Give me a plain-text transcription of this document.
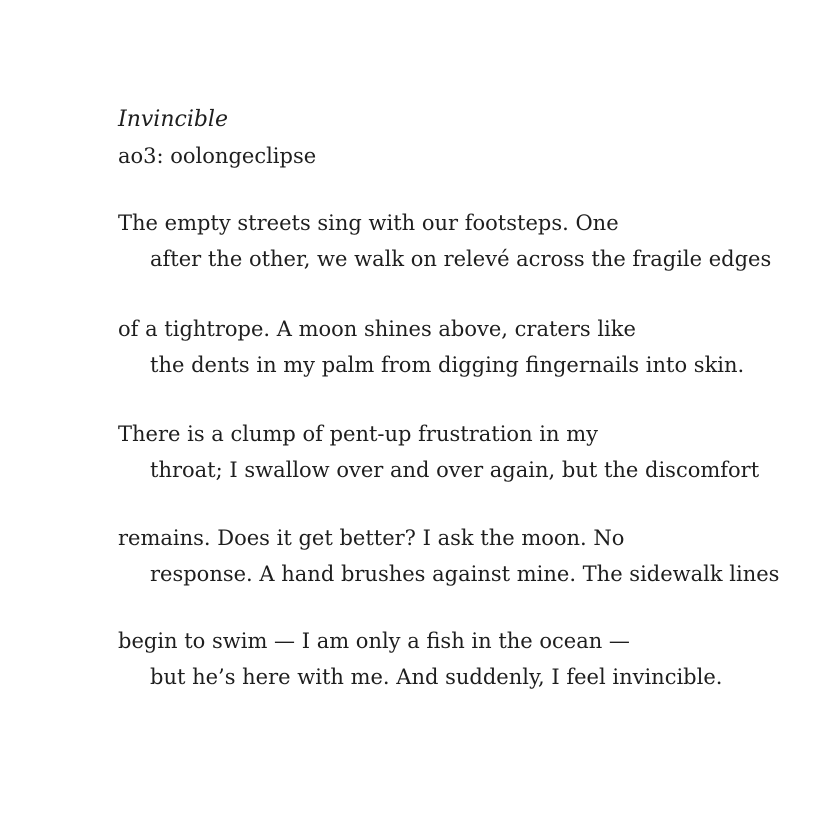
Invincible

ao3: oolongeclipse

The empty streets sing with our footsteps. One
after the other, we walk on relevé across the fragile edges

of a tightrope. A moon shines above, craters like
the dents in my palm from digging fingernails into skin.

There is a clump of pent-up frustration in my
throat; I swallow over and over again, but the discomfort

remains. Does it get better? I ask the moon. No
response. A hand brushes against mine. The sidewalk lines

begin to swim — I am only a fish in the ocean —
but he’s here with me. And suddenly, I feel invincible.
